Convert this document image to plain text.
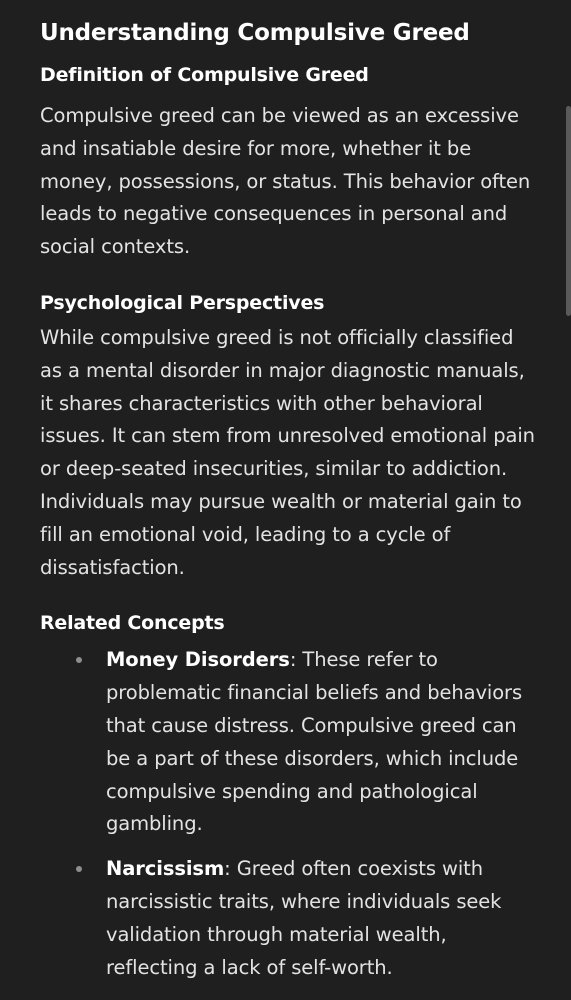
Understanding Compulsive Greed
Definition of Compulsive Greed

Compulsive greed can be viewed as an excessive and insatiable desire for more, whether it be money, possessions, or status. This behavior often leads to negative consequences in personal and social contexts.

Psychological Perspectives

While compulsive greed is not officially classified as a mental disorder in major diagnostic manuals, it shares characteristics with other behavioral issues. It can stem from unresolved emotional pain or deep-seated insecurities, similar to addiction. Individuals may pursue wealth or material gain to fill an emotional void, leading to a cycle of dissatisfaction.

Related Concepts
Money Disorders: These refer to problematic financial beliefs and behaviors that cause distress. Compulsive greed can be a part of these disorders, which include compulsive spending and pathological gambling.
Narcissism: Greed often coexists with narcissistic traits, where individuals seek validation through material wealth, reflecting a lack of self-worth.
